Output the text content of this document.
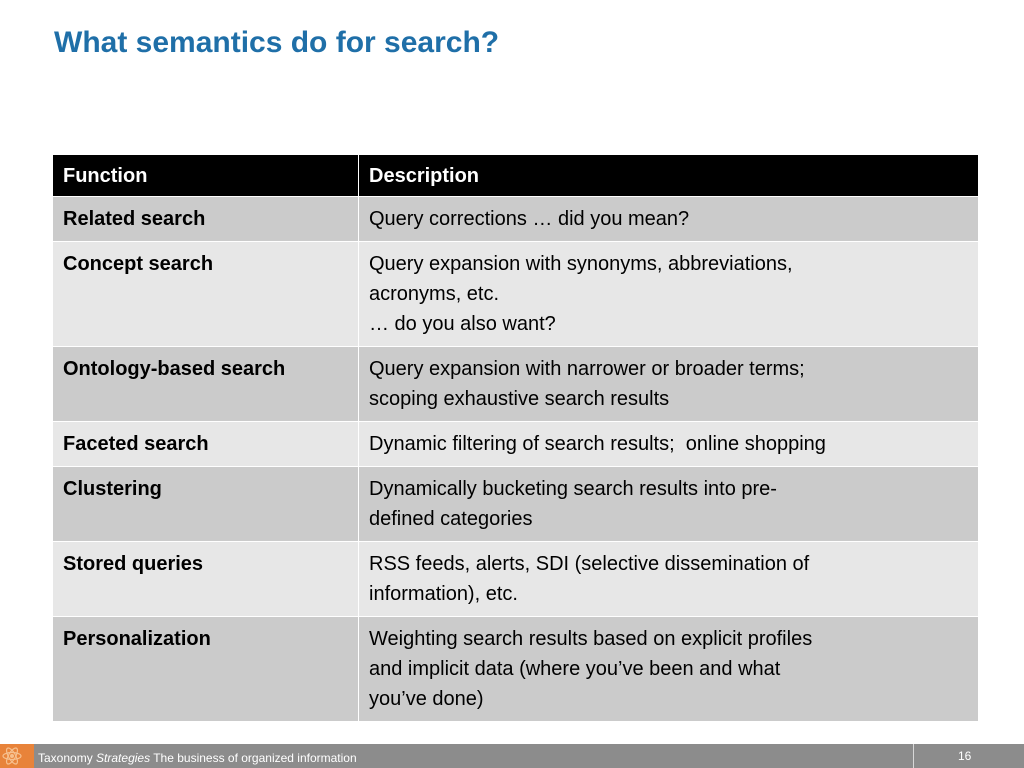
What semantics do for search?
Function	Description
Related search	Query corrections … did you mean?

Concept search	Query expansion with synonyms, abbreviations,
acronyms, etc.
… do you also want?

Ontology-based search	Query expansion with narrower or broader terms;
scoping exhaustive search results

Faceted search	Dynamic filtering of search results;  online shopping

Clustering	Dynamically bucketing search results into pre-
defined categories

Stored queries	RSS feeds, alerts, SDI (selective dissemination of
information), etc.

Personalization	Weighting search results based on explicit profiles
and implicit data (where you’ve been and what
you’ve done)
Taxonomy Strategies The business of organized information	16
